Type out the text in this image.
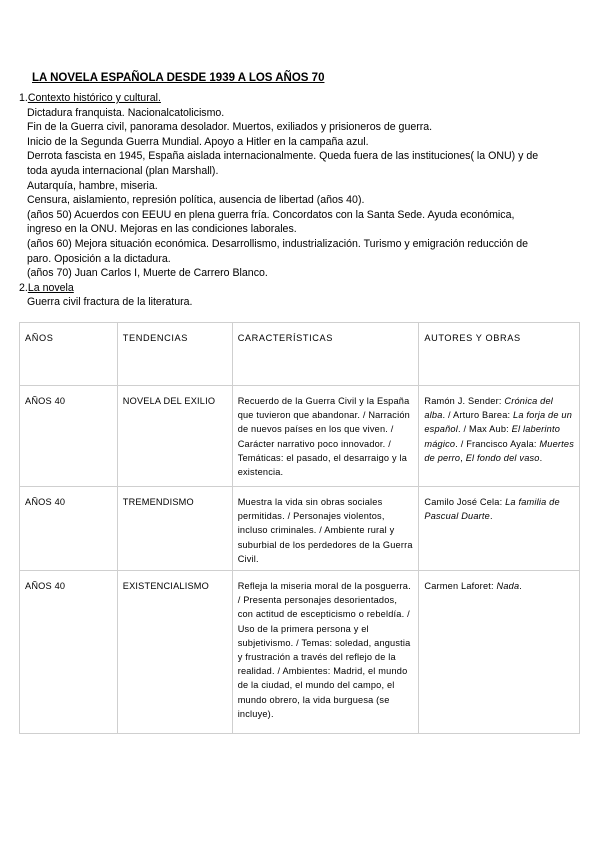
LA NOVELA ESPAÑOLA DESDE 1939 A LOS AÑOS 70
1.Contexto histórico y cultural.
Dictadura franquista. Nacionalcatolicismo.
Fin de la Guerra civil, panorama desolador. Muertos, exiliados y prisioneros de guerra.
Inicio de la Segunda Guerra Mundial. Apoyo a Hitler en la campaña azul.
Derrota fascista en 1945, España aislada internacionalmente. Queda fuera de las instituciones( la ONU) y de
toda ayuda internacional (plan Marshall).
Autarquía, hambre, miseria.
Censura, aislamiento, represión política, ausencia de libertad (años 40).
(años 50) Acuerdos con EEUU en plena guerra fría. Concordatos con la Santa Sede. Ayuda económica,
ingreso en la ONU. Mejoras en las condiciones laborales.
(años 60) Mejora situación económica. Desarrollismo, industrialización. Turismo y emigración reducción de
paro. Oposición a la dictadura.
(años 70) Juan Carlos I, Muerte de Carrero Blanco.
2.La novela
Guerra civil fractura de la literatura.
AÑOS	TENDENCIAS	CARACTERÍSTICAS	AUTORES Y OBRAS
AÑOS 40	NOVELA DEL EXILIO	Recuerdo de la Guerra Civil y la España que tuvieron que abandonar. / Narración de nuevos países en los que viven. / Carácter narrativo poco innovador. / Temáticas: el pasado, el desarraigo y la existencia.	Ramón J. Sender: Crónica del alba. / Arturo Barea: La forja de un español. / Max Aub: El laberinto mágico. / Francisco Ayala: Muertes de perro, El fondo del vaso.
AÑOS 40	TREMENDISMO	Muestra la vida sin obras sociales permitidas. / Personajes violentos, incluso criminales. / Ambiente rural y suburbial de los perdedores de la Guerra Civil.	Camilo José Cela: La familia de Pascual Duarte.
AÑOS 40	EXISTENCIALISMO	Refleja la miseria moral de la posguerra. / Presenta personajes desorientados, con actitud de escepticismo o rebeldía. / Uso de la primera persona y el subjetivismo. / Temas: soledad, angustia y frustración a través del reflejo de la realidad. / Ambientes: Madrid, el mundo de la ciudad, el mundo del campo, el mundo obrero, la vida burguesa (se incluye).	Carmen Laforet: Nada.
